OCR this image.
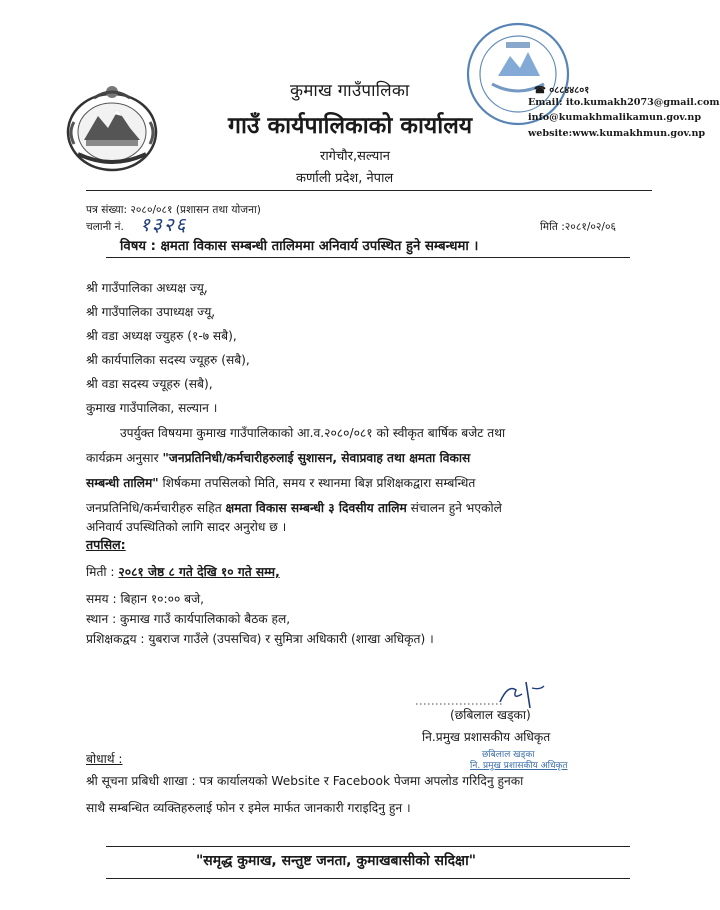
कुमाख गाउँपालिका
गाउँ कार्यपालिकाको कार्यालय
रागेचौर,सल्यान
कर्णाली प्रदेश, नेपाल
☎ ०८८४४८०१
Email: ito.kumakh2073@gmail.com
info@kumakhmalikamun.gov.np
website:www.kumakhmun.gov.np
पत्र संख्या: २०८०/०८१ (प्रशासन तथा योजना)
चलानी नं. १३२६	मिति :२०८१/०२/०६
विषय : क्षमता विकास सम्बन्धी तालिममा अनिवार्य उपस्थित हुने सम्बन्धमा ।
श्री गाउँपालिका अध्यक्ष ज्यू,
श्री गाउँपालिका उपाध्यक्ष ज्यू,
श्री वडा अध्यक्ष ज्युहरु (१-७ सबै),
श्री कार्यपालिका सदस्य ज्यूहरु (सबै),
श्री वडा सदस्य ज्यूहरु (सबै),
कुमाख गाउँपालिका, सल्यान ।
उपर्युक्त विषयमा कुमाख गाउँपालिकाको आ.व.२०८०/०८१ को स्वीकृत बार्षिक बजेट तथा
कार्यक्रम अनुसार "जनप्रतिनिधी/कर्मचारीहरुलाई सुशासन, सेवाप्रवाह तथा क्षमता विकास
सम्बन्धी तालिम" शिर्षकमा तपसिलको मिति, समय र स्थानमा बिज्ञ प्रशिक्षकद्वारा सम्बन्धित
जनप्रतिनिधि/कर्मचारीहरु सहित क्षमता विकास सम्बन्धी ३ दिवसीय तालिम संचालन हुने भएकोले
अनिवार्य उपस्थितिको लागि सादर अनुरोध छ ।
तपसिल:
मिती : २०८१ जेष्ठ ८ गते देखि १० गते सम्म,
समय : बिहान १०:०० बजे,
स्थान : कुमाख गाउँ कार्यपालिकाको बैठक हल,
प्रशिक्षकद्वय : युबराज गाउँले (उपसचिव) र सुमित्रा अधिकारी (शाखा अधिकृत) ।
(छबिलाल खड्का)
नि.प्रमुख प्रशासकीय अधिकृत
छबिलाल खड्का
नि. प्रमुख प्रशासकीय अधिकृत
बोधार्थ :
श्री सूचना प्रबिधी शाखा : पत्र कार्यालयको Website र Facebook पेजमा अपलोड गरिदिनु हुनका
साथै सम्बन्धित व्यक्तिहरुलाई फोन र इमेल मार्फत जानकारी गराइदिनु हुन ।
"समृद्ध कुमाख, सन्तुष्ट जनता, कुमाखबासीको सदिक्षा"
